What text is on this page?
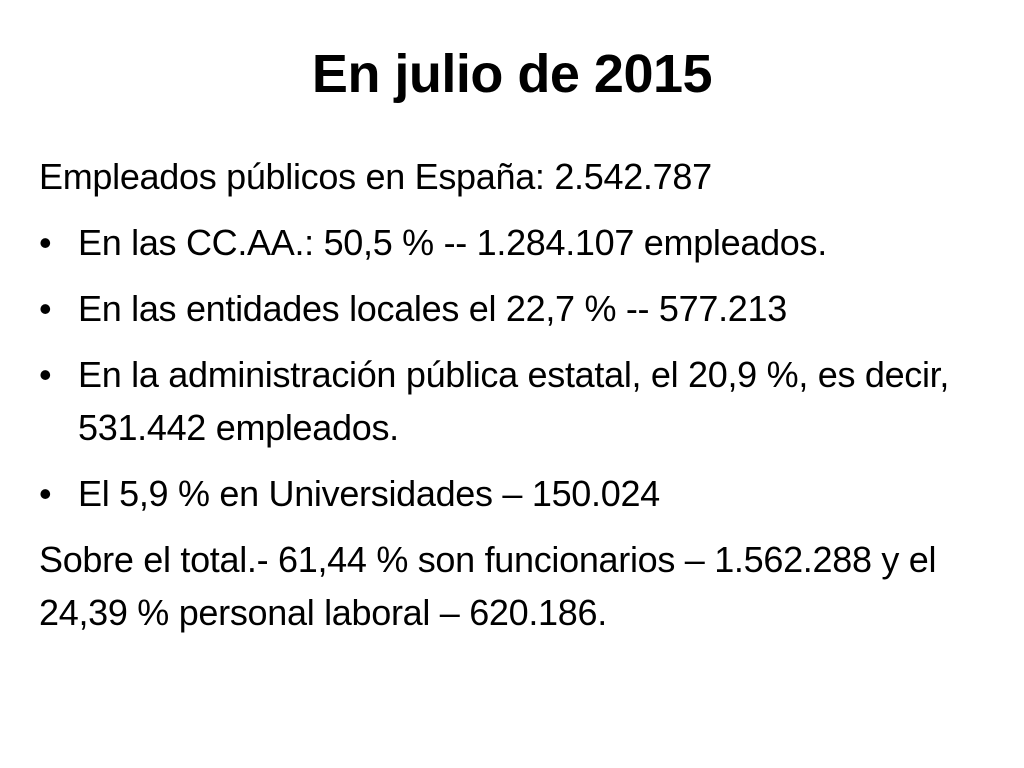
En julio de 2015

Empleados públicos en España: 2.542.787

• En las CC.AA.: 50,5 % -- 1.284.107 empleados.
• En las entidades locales el 22,7 % -- 577.213
• En la administración pública estatal, el 20,9 %, es decir, 531.442 empleados.
• El 5,9 % en Universidades – 150.024

Sobre el total.- 61,44 % son funcionarios – 1.562.288 y el 24,39 % personal laboral – 620.186.
